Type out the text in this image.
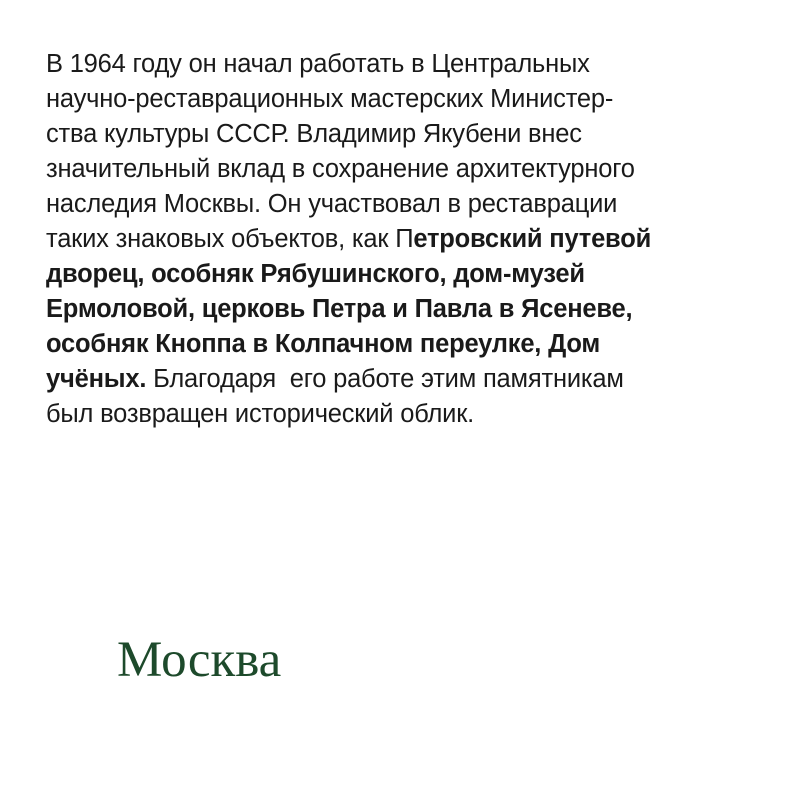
В 1964 году он начал работать в Центральных
научно-реставрационных мастерских Министер-
ства культуры СССР. Владимир Якубени внес
значительный вклад в сохранение архитектурного
наследия Москвы. Он участвовал в реставрации
таких знаковых объектов, как Петровский путевой
дворец, особняк Рябушинского, дом-музей
Ермоловой, церковь Петра и Павла в Ясеневе,
особняк Кноппа в Колпачном переулке, Дом
учёных. Благодаря  его работе этим памятникам
был возвращен исторический облик.

Москва
